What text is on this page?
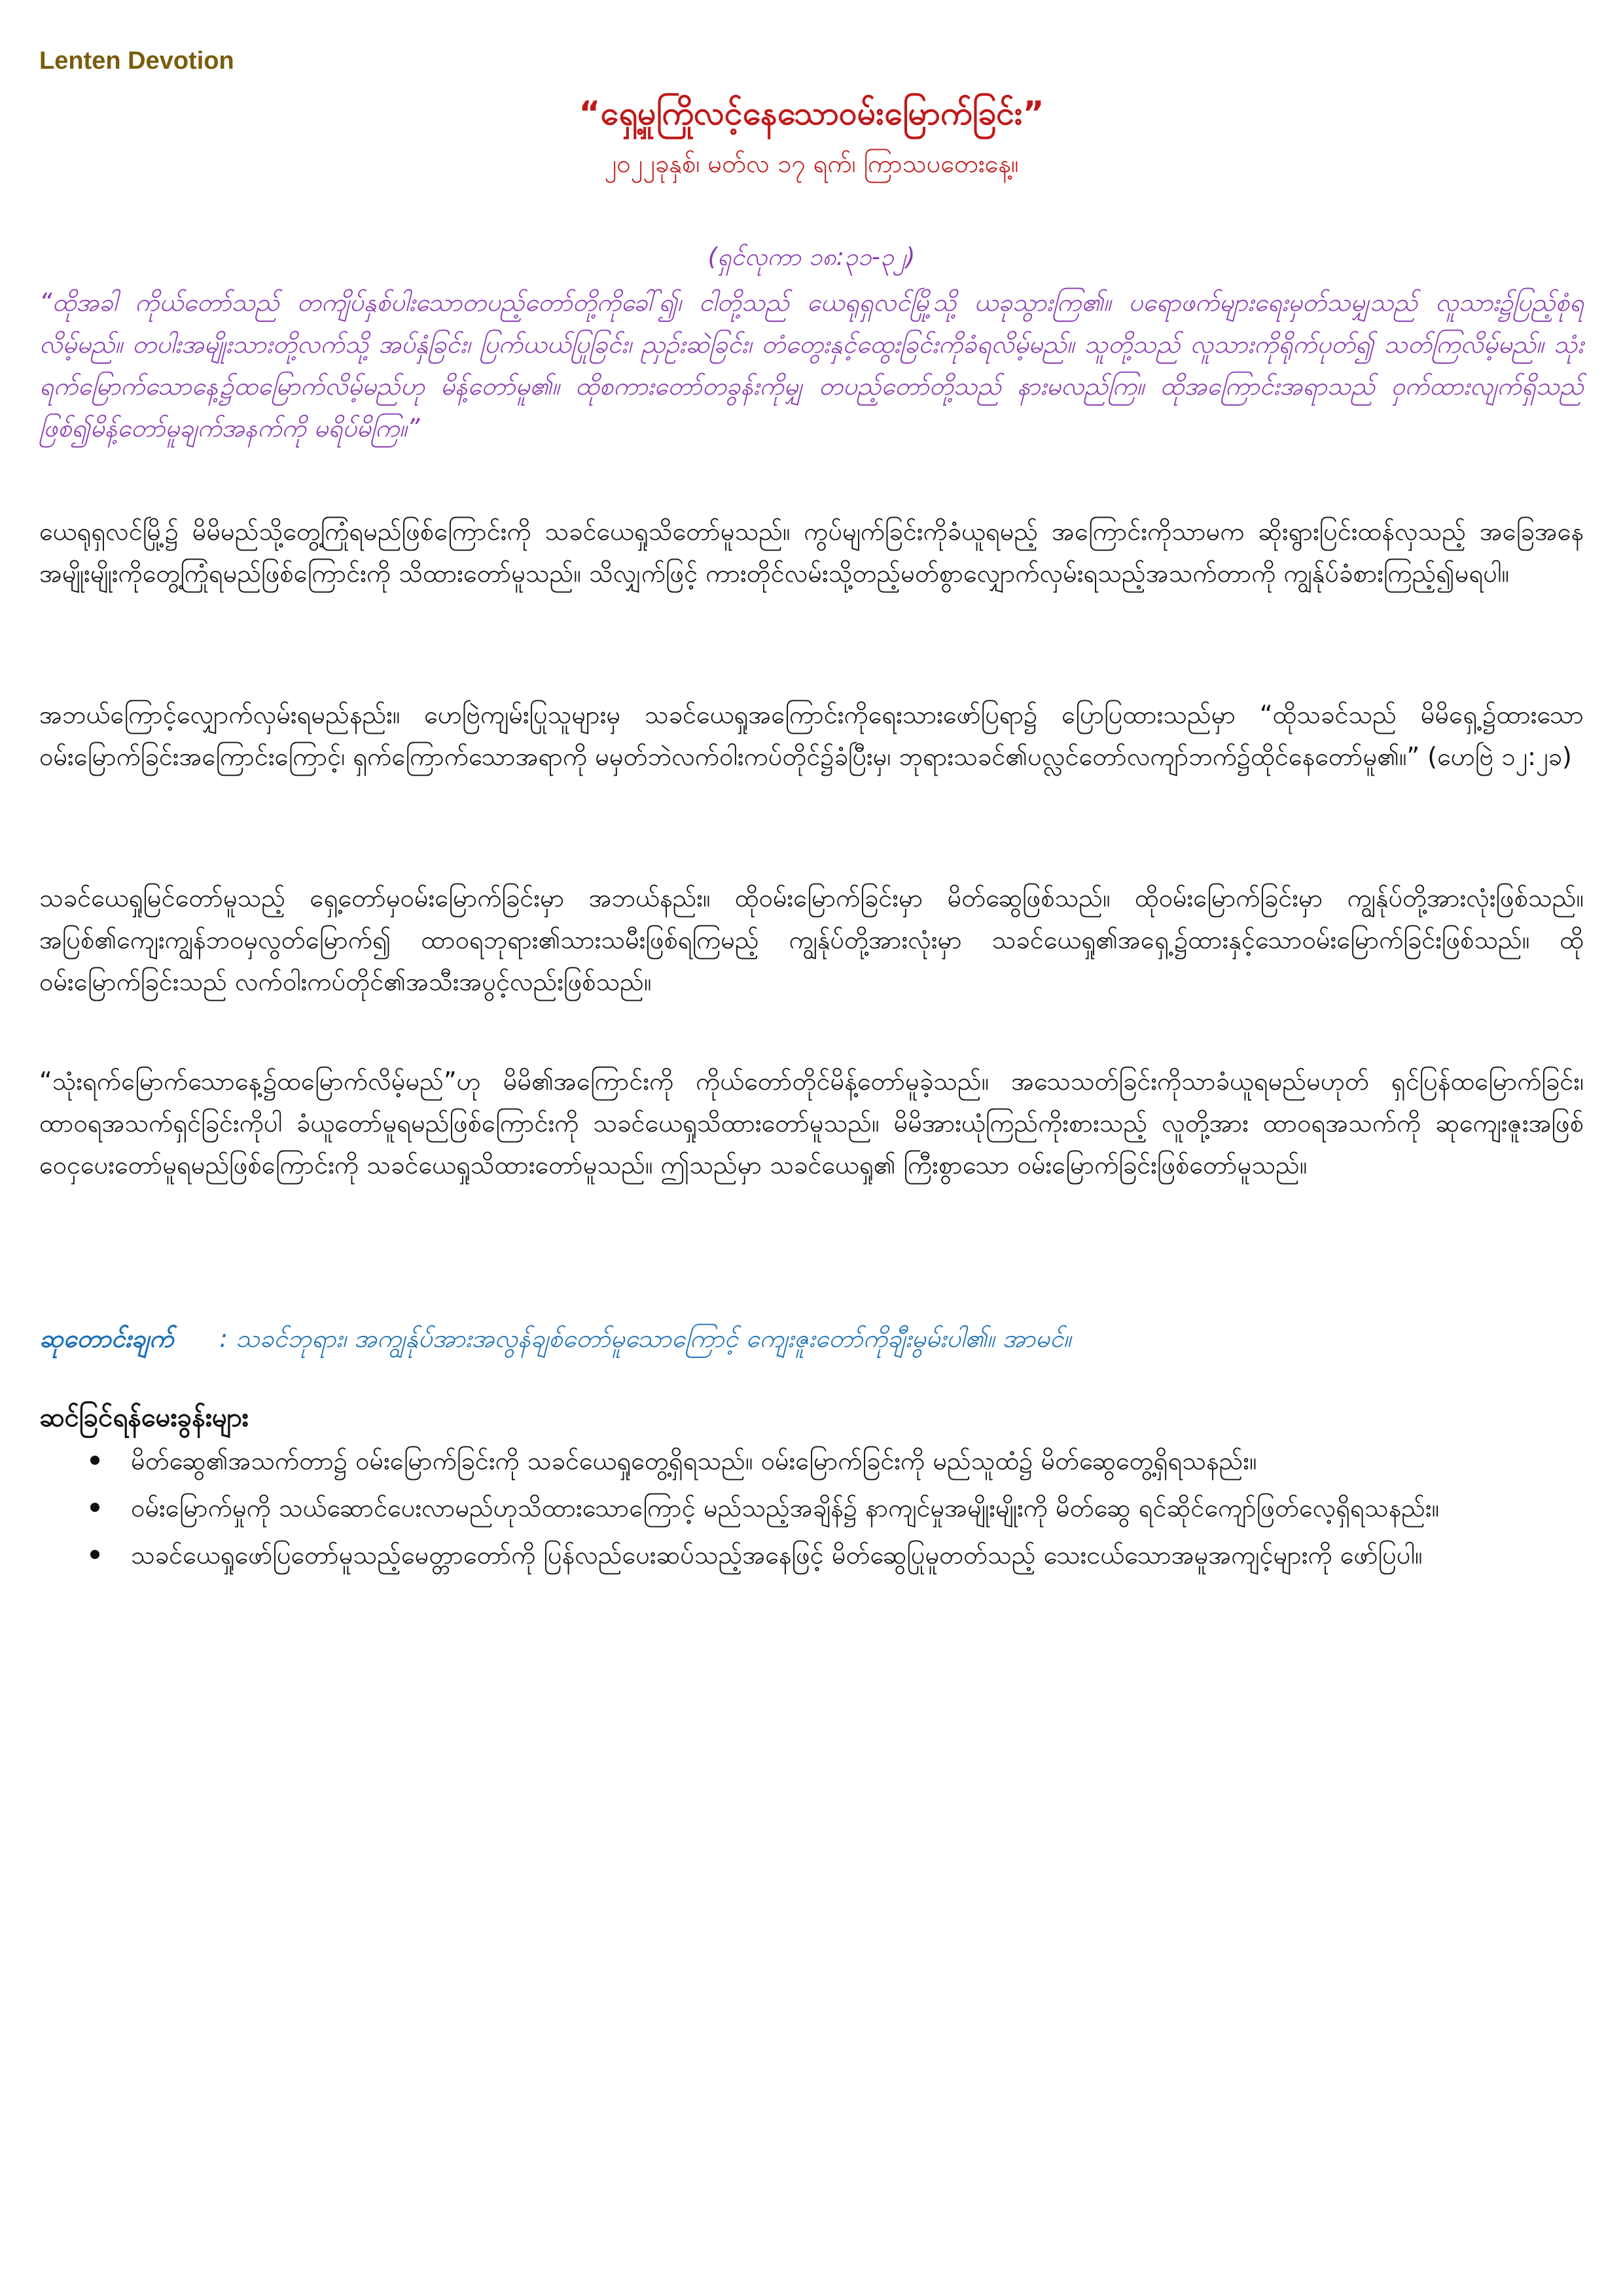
Lenten Devotion
“ရှေ့မှုကြိုလင့်နေသောဝမ်းမြောက်ခြင်း”
၂၀၂၂ခုနှစ်၊ မတ်လ ၁၇ ရက်၊ ကြာသပတေးနေ့။
(ရှင်လုကာ ၁၈:၃၁-၃၂)
“ထိုအခါ ကိုယ်တော်သည် တကျိပ်နှစ်ပါးသောတပည့်တော်တို့ကိုခေါ်၍၊ ငါတို့သည် ယေရုရှလင်မြို့သို့ ယခုသွားကြ၏။ ပရောဖက်များရေးမှတ်သမျှသည် လူသား၌ပြည့်စုံရလိမ့်မည်။ တပါးအမျိုးသားတို့လက်သို့ အပ်နှံခြင်း၊ ပြက်ယယ်ပြုခြင်း၊ ညှဉ်းဆဲခြင်း၊ တံတွေးနှင့်ထွေးခြင်းကိုခံရလိမ့်မည်။ သူတို့သည် လူသားကိုရိုက်ပုတ်၍ သတ်ကြလိမ့်မည်။ သုံးရက်မြောက်သောနေ့၌ထမြောက်လိမ့်မည်ဟု မိန့်တော်မူ၏။ ထိုစကားတော်တခွန်းကိုမျှ တပည့်တော်တို့သည် နားမလည်ကြ။ ထိုအကြောင်းအရာသည် ဝှက်ထားလျက်ရှိသည်ဖြစ်၍မိန့်တော်မူချက်အနက်ကို မရိပ်မိကြ။”
ယေရုရှလင်မြို့၌ မိမိမည်သို့တွေ့ကြုံရမည်ဖြစ်ကြောင်းကို သခင်ယေရှုသိတော်မူသည်။ ကွပ်မျက်ခြင်းကိုခံယူရမည့် အကြောင်းကိုသာမက ဆိုးရွားပြင်းထန်လှသည့် အခြေအနေအမျိုးမျိုးကိုတွေ့ကြုံရမည်ဖြစ်ကြောင်းကို သိထားတော်မူသည်။ သိလျှက်ဖြင့် ကားတိုင်လမ်းသို့တည့်မတ်စွာလျှောက်လှမ်းရသည့်အသက်တာကို ကျွန်ုပ်ခံစားကြည့်၍မရပါ။
အဘယ်ကြောင့်လျှောက်လှမ်းရမည်နည်း။ ဟေဗြဲကျမ်းပြုသူများမှ သခင်ယေရှုအကြောင်းကိုရေးသားဖော်ပြရာ၌ ပြောပြထားသည်မှာ “ထိုသခင်သည် မိမိရှေ့၌ထားသော ဝမ်းမြောက်ခြင်းအကြောင်းကြောင့်၊ ရှက်ကြောက်သောအရာကို မမှတ်ဘဲလက်ဝါးကပ်တိုင်၌ခံပြီးမှ၊ ဘုရားသခင်၏ပလ္လင်တော်လကျာ်ဘက်၌ထိုင်နေတော်မူ၏။” (ဟေဗြဲ ၁၂:၂ခ)
သခင်ယေရှုမြင်တော်မူသည့် ရှေ့တော်မှဝမ်းမြောက်ခြင်းမှာ အဘယ်နည်း။ ထိုဝမ်းမြောက်ခြင်းမှာ မိတ်ဆွေဖြစ်သည်။ ထိုဝမ်းမြောက်ခြင်းမှာ ကျွန်ုပ်တို့အားလုံးဖြစ်သည်။ အပြစ်၏ကျေးကျွန်ဘဝမှလွတ်မြောက်၍ ထာဝရဘုရား၏သားသမီးဖြစ်ရကြမည့် ကျွန်ုပ်တို့အားလုံးမှာ သခင်ယေရှု၏အရှေ့၌ထားနှင့်သောဝမ်းမြောက်ခြင်းဖြစ်သည်။ ထိုဝမ်းမြောက်ခြင်းသည် လက်ဝါးကပ်တိုင်၏အသီးအပွင့်လည်းဖြစ်သည်။
“သုံးရက်မြောက်သောနေ့၌ထမြောက်လိမ့်မည်”ဟု မိမိ၏အကြောင်းကို ကိုယ်တော်တိုင်မိန့်တော်မူခဲ့သည်။ အသေသတ်ခြင်းကိုသာခံယူရမည်မဟုတ် ရှင်ပြန်ထမြောက်ခြင်း၊ ထာဝရအသက်ရှင်ခြင်းကိုပါ ခံယူတော်မူရမည်ဖြစ်ကြောင်းကို သခင်ယေရှုသိထားတော်မူသည်။ မိမိအားယုံကြည်ကိုးစားသည့် လူတို့အား ထာဝရအသက်ကို ဆုကျေးဇူးအဖြစ် ဝေငှပေးတော်မူရမည်ဖြစ်ကြောင်းကို သခင်ယေရှုသိထားတော်မူသည်။ ဤသည်မှာ သခင်ယေရှု၏ ကြီးစွာသော ဝမ်းမြောက်ခြင်းဖြစ်တော်မူသည်။
ဆုတောင်းချက် : သခင်ဘုရား၊ အကျွန်ုပ်အားအလွန်ချစ်တော်မူသောကြောင့် ကျေးဇူးတော်ကိုချီးမွမ်းပါ၏။ အာမင်။
ဆင်ခြင်ရန်မေးခွန်းများ
မိတ်ဆွေ၏အသက်တာ၌ ဝမ်းမြောက်ခြင်းကို သခင်ယေရှုတွေ့ရှိရသည်။ ဝမ်းမြောက်ခြင်းကို မည်သူထံ၌ မိတ်ဆွေတွေ့ရှိရသနည်း။
ဝမ်းမြောက်မှုကို သယ်ဆောင်ပေးလာမည်ဟုသိထားသောကြောင့် မည်သည့်အချိန်၌ နာကျင်မှုအမျိုးမျိုးကို မိတ်ဆွေ ရင်ဆိုင်ကျော်ဖြတ်လေ့ရှိရသနည်း။
သခင်ယေရှုဖော်ပြတော်မူသည့်မေတ္တာတော်ကို ပြန်လည်ပေးဆပ်သည့်အနေဖြင့် မိတ်ဆွေပြုမူတတ်သည့် သေးငယ်သောအမူအကျင့်များကို ဖော်ပြပါ။
